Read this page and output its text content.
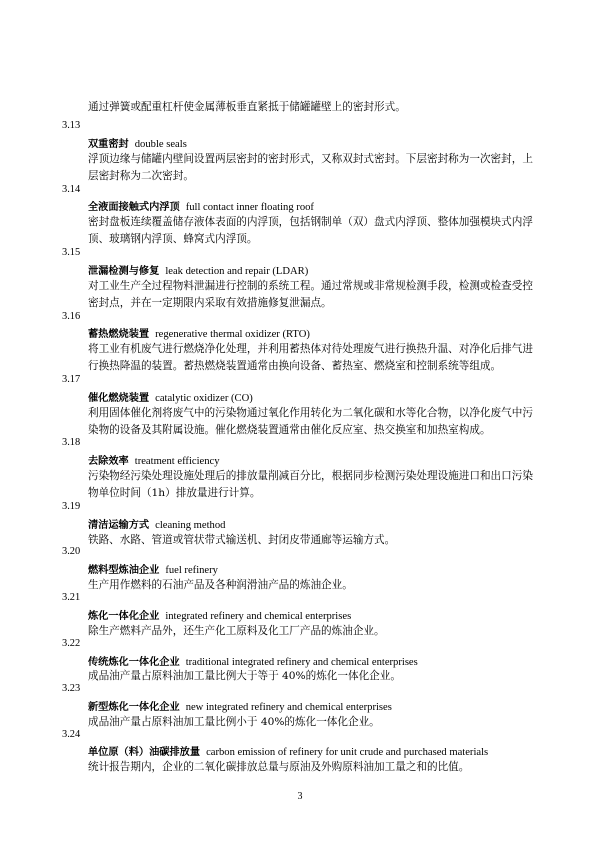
通过弹簧或配重杠杆使金属薄板垂直紧抵于储罐罐壁上的密封形式。
3.13
双重密封 double seals
浮顶边缘与储罐内壁间设置两层密封的密封形式，又称双封式密封。下层密封称为一次密封，上层密封称为二次密封。
3.14
全液面接触式内浮顶 full contact inner floating roof
密封盘板连续覆盖储存液体表面的内浮顶，包括钢制单（双）盘式内浮顶、整体加强模块式内浮顶、玻璃钢内浮顶、蜂窝式内浮顶。
3.15
泄漏检测与修复 leak detection and repair (LDAR)
对工业生产全过程物料泄漏进行控制的系统工程。通过常规或非常规检测手段，检测或检查受控密封点，并在一定期限内采取有效措施修复泄漏点。
3.16
蓄热燃烧装置 regenerative thermal oxidizer (RTO)
将工业有机废气进行燃烧净化处理，并利用蓄热体对待处理废气进行换热升温、对净化后排气进行换热降温的装置。蓄热燃烧装置通常由换向设备、蓄热室、燃烧室和控制系统等组成。
3.17
催化燃烧装置 catalytic oxidizer (CO)
利用固体催化剂将废气中的污染物通过氧化作用转化为二氧化碳和水等化合物，以净化废气中污染物的设备及其附属设施。催化燃烧装置通常由催化反应室、热交换室和加热室构成。
3.18
去除效率 treatment efficiency
污染物经污染处理设施处理后的排放量削减百分比，根据同步检测污染处理设施进口和出口污染物单位时间（1h）排放量进行计算。
3.19
清洁运输方式 cleaning method
铁路、水路、管道或管状带式输送机、封闭皮带通廊等运输方式。
3.20
燃料型炼油企业 fuel refinery
生产用作燃料的石油产品及各种润滑油产品的炼油企业。
3.21
炼化一体化企业 integrated refinery and chemical enterprises
除生产燃料产品外，还生产化工原料及化工厂产品的炼油企业。
3.22
传统炼化一体化企业 traditional integrated refinery and chemical enterprises
成品油产量占原料油加工量比例大于等于 40%的炼化一体化企业。
3.23
新型炼化一体化企业 new integrated refinery and chemical enterprises
成品油产量占原料油加工量比例小于 40%的炼化一体化企业。
3.24
单位原（料）油碳排放量 carbon emission of refinery for unit crude and purchased materials
统计报告期内，企业的二氧化碳排放总量与原油及外购原料油加工量之和的比值。
3
